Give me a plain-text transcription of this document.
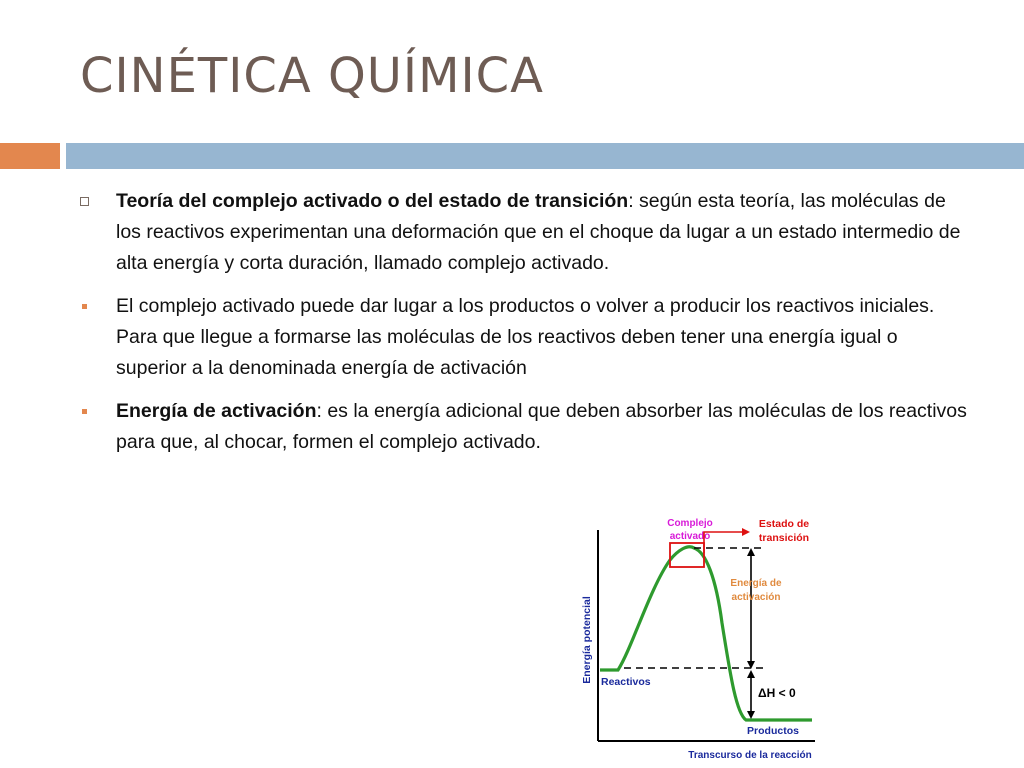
CINÉTICA QUÍMICA
Teoría del complejo activado o del estado de transición: según esta teoría, las moléculas de los reactivos experimentan una deformación que en el choque da lugar a un estado intermedio de alta energía y corta duración, llamado complejo activado.
El complejo activado puede dar lugar a los productos o volver a producir los reactivos iniciales. Para que llegue a formarse las moléculas de los reactivos deben tener una energía igual o superior a la denominada energía de activación
Energía de activación: es la energía adicional que deben absorber las moléculas de los reactivos para que, al chocar, formen el complejo activado.
Energía potencial
Complejo
activado
Estado de
transición
Energía de
activación
Reactivos
Productos
ΔH < 0
Transcurso de la reacción
